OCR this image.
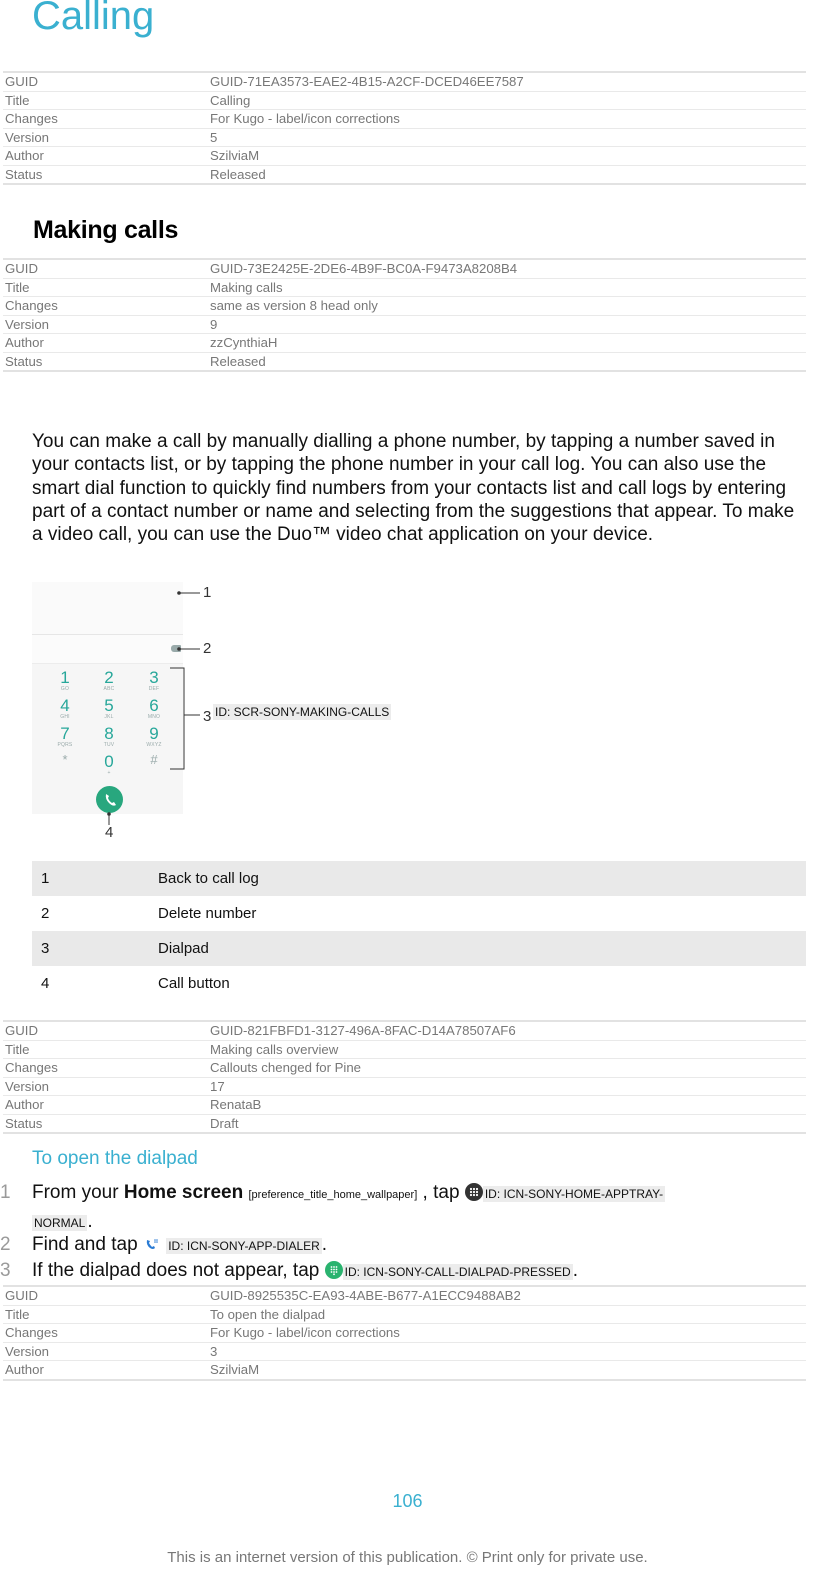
Calling
GUID	GUID-71EA3573-EAE2-4B15-A2CF-DCED46EE7587
Title	Calling
Changes	For Kugo - label/icon corrections
Version	5
Author	SzilviaM
Status	Released
Making calls
GUID	GUID-73E2425E-2DE6-4B9F-BC0A-F9473A8208B4
Title	Making calls
Changes	same as version 8 head only
Version	9
Author	zzCynthiaH
Status	Released
You can make a call by manually dialling a phone number, by tapping a number saved in your contacts list, or by tapping the phone number in your call log. You can also use the smart dial function to quickly find numbers from your contacts list and call logs by entering part of a contact number or name and selecting from the suggestions that appear. To make a video call, you can use the Duo™ video chat application on your device.
1
GO
2
ABC
3
DEF
4
GHI
5
JKL
6
MNO
7
PQRS
8
TUV
9
WXYZ
*	0
+
#
1
2
3
4
ID: SCR-SONY-MAKING-CALLS
1	Back to call log
2	Delete number
3	Dialpad
4	Call button
GUID	GUID-821FBFD1-3127-496A-8FAC-D14A78507AF6
Title	Making calls overview
Changes	Callouts chenged for Pine
Version	17
Author	RenataB
Status	Draft
To open the dialpad
1 From your Home screen [preference_title_home_wallpaper] , tap ID: ICN-SONY-HOME-APPTRAY-
NORMAL .
2 Find and tap	ID: ICN-SONY-APP-DIALER .
3 If the dialpad does not appear, tap ID: ICN-SONY-CALL-DIALPAD-PRESSED .
GUID	GUID-8925535C-EA93-4ABE-B677-A1ECC9488AB2
Title	To open the dialpad
Changes	For Kugo - label/icon corrections
Version	3
Author	SzilviaM
106
This is an internet version of this publication. © Print only for private use.
